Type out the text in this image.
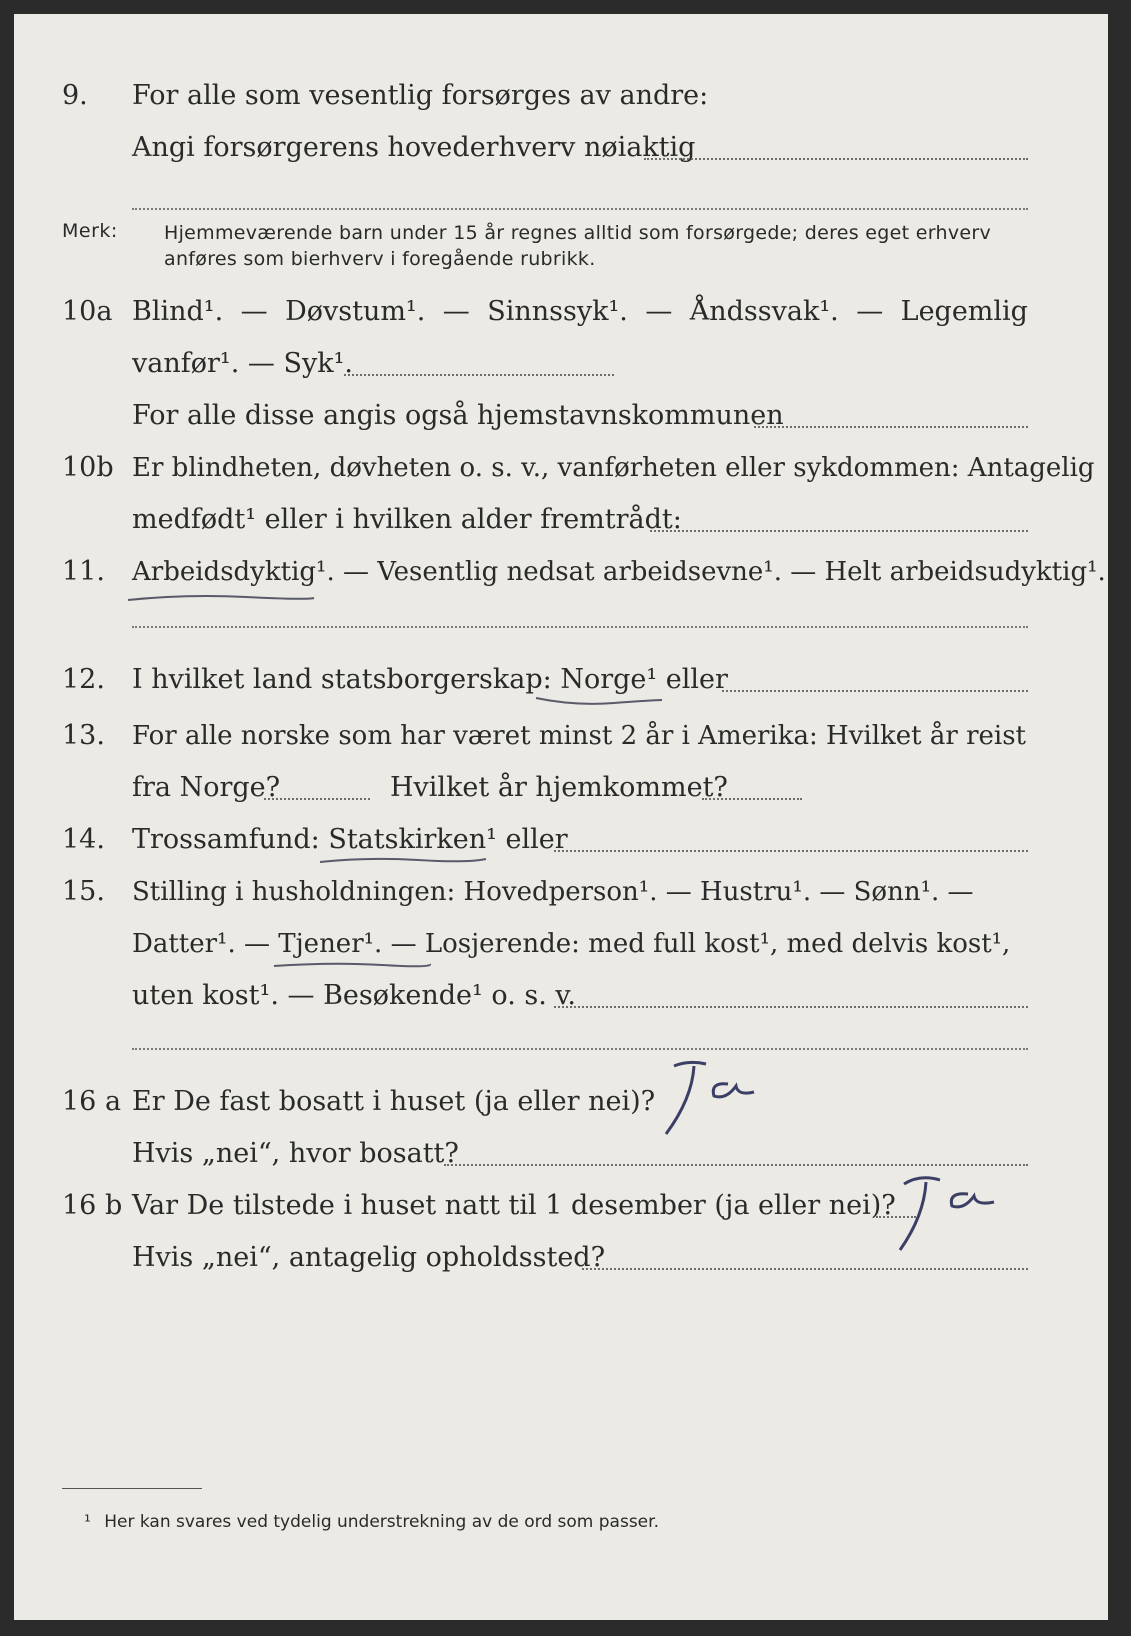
9. For alle som vesentlig forsørges av andre:
Angi forsørgerens hovederhverv nøiaktig
Merk: Hjemmeværende barn under 15 år regnes alltid som forsørgede; deres eget erhverv anføres som bierhverv i foregående rubrikk.
10a Blind¹. — Døvstum¹. — Sinnssyk¹. — Åndssvak¹. — Legemlig
vanfør¹. — Syk¹.
For alle disse angis også hjemstavnskommunen
10b Er blindheten, døvheten o. s. v., vanførheten eller sykdommen: Antagelig
medfødt¹ eller i hvilken alder fremtrådt:
11. Arbeidsdyktig¹. — Vesentlig nedsat arbeidsevne¹. — Helt arbeidsudyktig¹.
12. I hvilket land statsborgerskap: Norge¹ eller
13. For alle norske som har været minst 2 år i Amerika: Hvilket år reist
fra Norge?	Hvilket år hjemkommet?
14. Trossamfund: Statskirken¹ eller
15. Stilling i husholdningen: Hovedperson¹. — Hustru¹. — Sønn¹. —
Datter¹. — Tjener¹. — Losjerende: med full kost¹, med delvis kost¹,
uten kost¹. — Besøkende¹ o. s. v.
16 a Er De fast bosatt i huset (ja eller nei)?
Hvis „nei“, hvor bosatt?
16 b Var De tilstede i huset natt til 1 desember (ja eller nei)?
Hvis „nei“, antagelig opholdssted?
¹ Her kan svares ved tydelig understrekning av de ord som passer.
